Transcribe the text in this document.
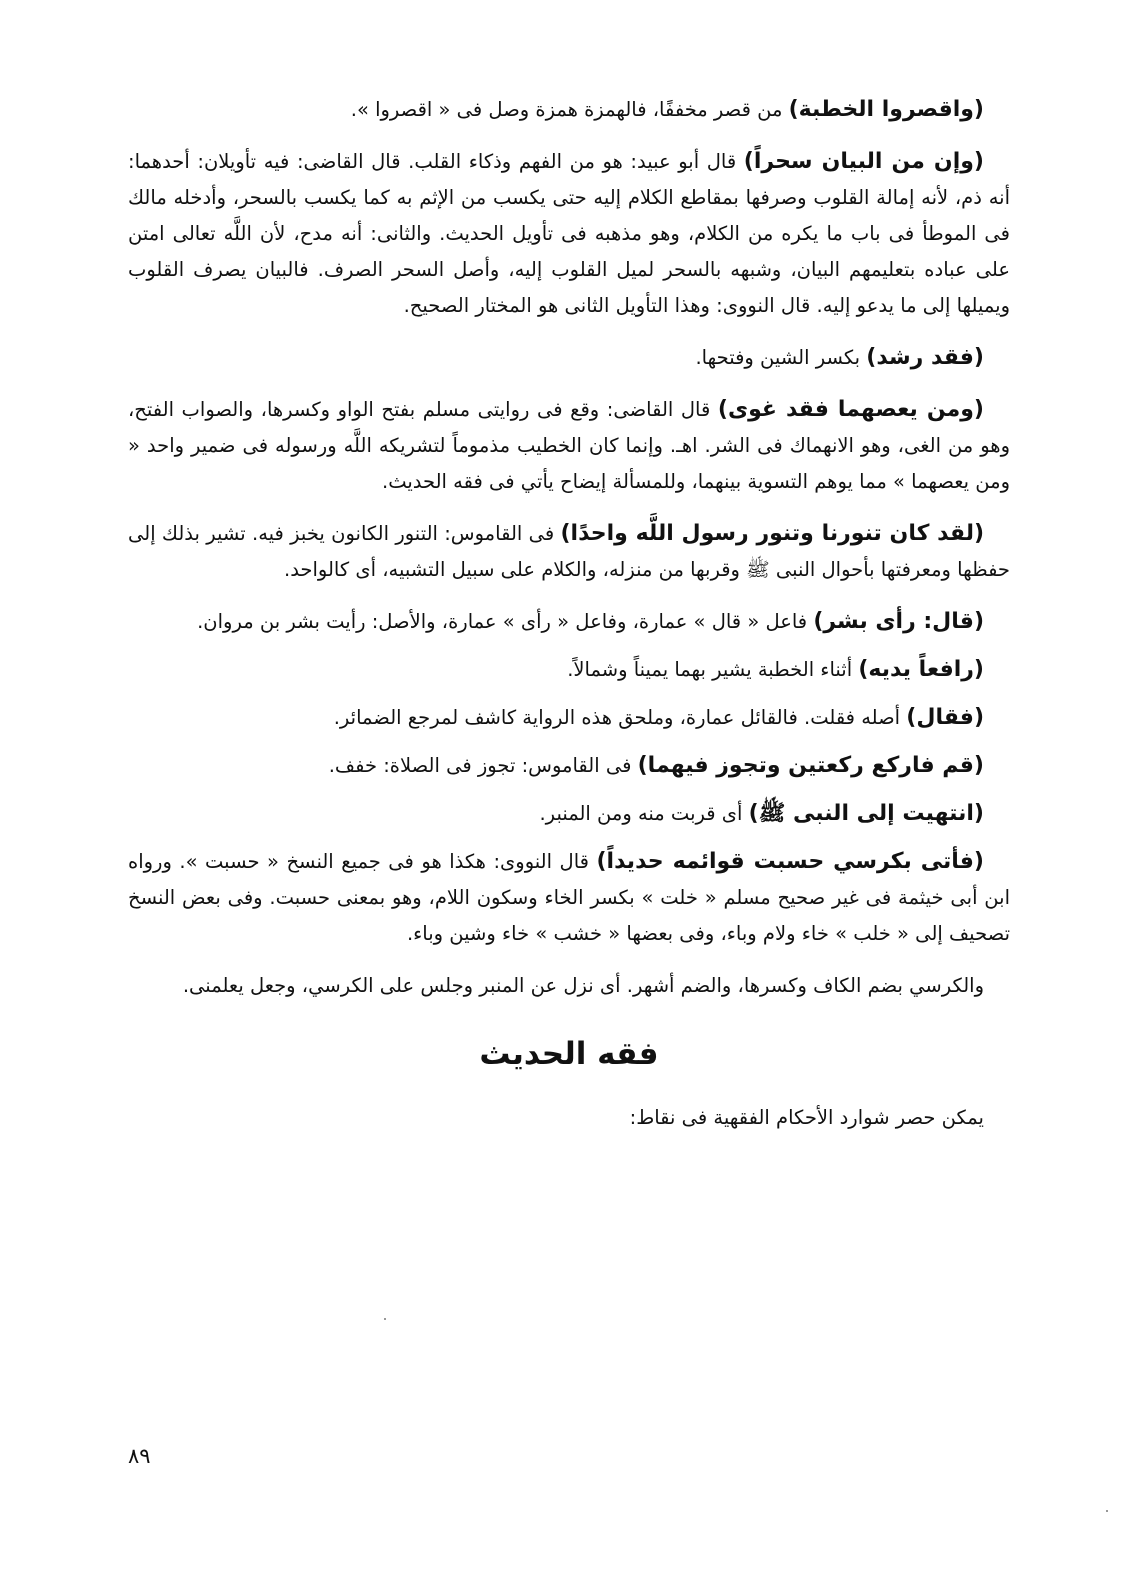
(واقصروا الخطبة) من قصر مخففًا، فالهمزة همزة وصل فى « اقصروا ».

(وإن من البيان سحراً) قال أبو عبيد: هو من الفهم وذكاء القلب. قال القاضى: فيه تأويلان: أحدهما: أنه ذم، لأنه إمالة القلوب وصرفها بمقاطع الكلام إليه حتى يكسب من الإثم به كما يكسب بالسحر، وأدخله مالك فى الموطأ فى باب ما يكره من الكلام، وهو مذهبه فى تأويل الحديث. والثانى: أنه مدح، لأن اللَّه تعالى امتن على عباده بتعليمهم البيان، وشبهه بالسحر لميل القلوب إليه، وأصل السحر الصرف. فالبيان يصرف القلوب ويميلها إلى ما يدعو إليه. قال النووى: وهذا التأويل الثانى هو المختار الصحيح.

(فقد رشد) بكسر الشين وفتحها.

(ومن يعصهما فقد غوى) قال القاضى: وقع فى روايتى مسلم بفتح الواو وكسرها، والصواب الفتح، وهو من الغى، وهو الانهماك فى الشر. اهـ. وإنما كان الخطيب مذموماً لتشريكه اللَّه ورسوله فى ضمير واحد « ومن يعصهما » مما يوهم التسوية بينهما، وللمسألة إيضاح يأتي فى فقه الحديث.

(لقد كان تنورنا وتنور رسول اللَّه واحدًا) فى القاموس: التنور الكانون يخبز فيه. تشير بذلك إلى حفظها ومعرفتها بأحوال النبى ﷺ وقربها من منزله، والكلام على سبيل التشبيه، أى كالواحد.

(قال: رأى بشر) فاعل « قال » عمارة، وفاعل « رأى » عمارة، والأصل: رأيت بشر بن مروان.

(رافعاً يديه) أثناء الخطبة يشير بهما يميناً وشمالاً.

(فقال) أصله فقلت. فالقائل عمارة، وملحق هذه الرواية كاشف لمرجع الضمائر.

(قم فاركع ركعتين وتجوز فيهما) فى القاموس: تجوز فى الصلاة: خفف.

(انتهيت إلى النبى ﷺ) أى قربت منه ومن المنبر.

(فأتى بكرسي حسبت قوائمه حديداً) قال النووى: هكذا هو فى جميع النسخ « حسبت ». ورواه ابن أبى خيثمة فى غير صحيح مسلم « خلت » بكسر الخاء وسكون اللام، وهو بمعنى حسبت. وفى بعض النسخ تصحيف إلى « خلب » خاء ولام وباء، وفى بعضها « خشب » خاء وشين وباء.

والكرسي بضم الكاف وكسرها، والضم أشهر. أى نزل عن المنبر وجلس على الكرسي، وجعل يعلمنى.

فقه الحديث

يمكن حصر شوارد الأحكام الفقهية فى نقاط:

٨٩
